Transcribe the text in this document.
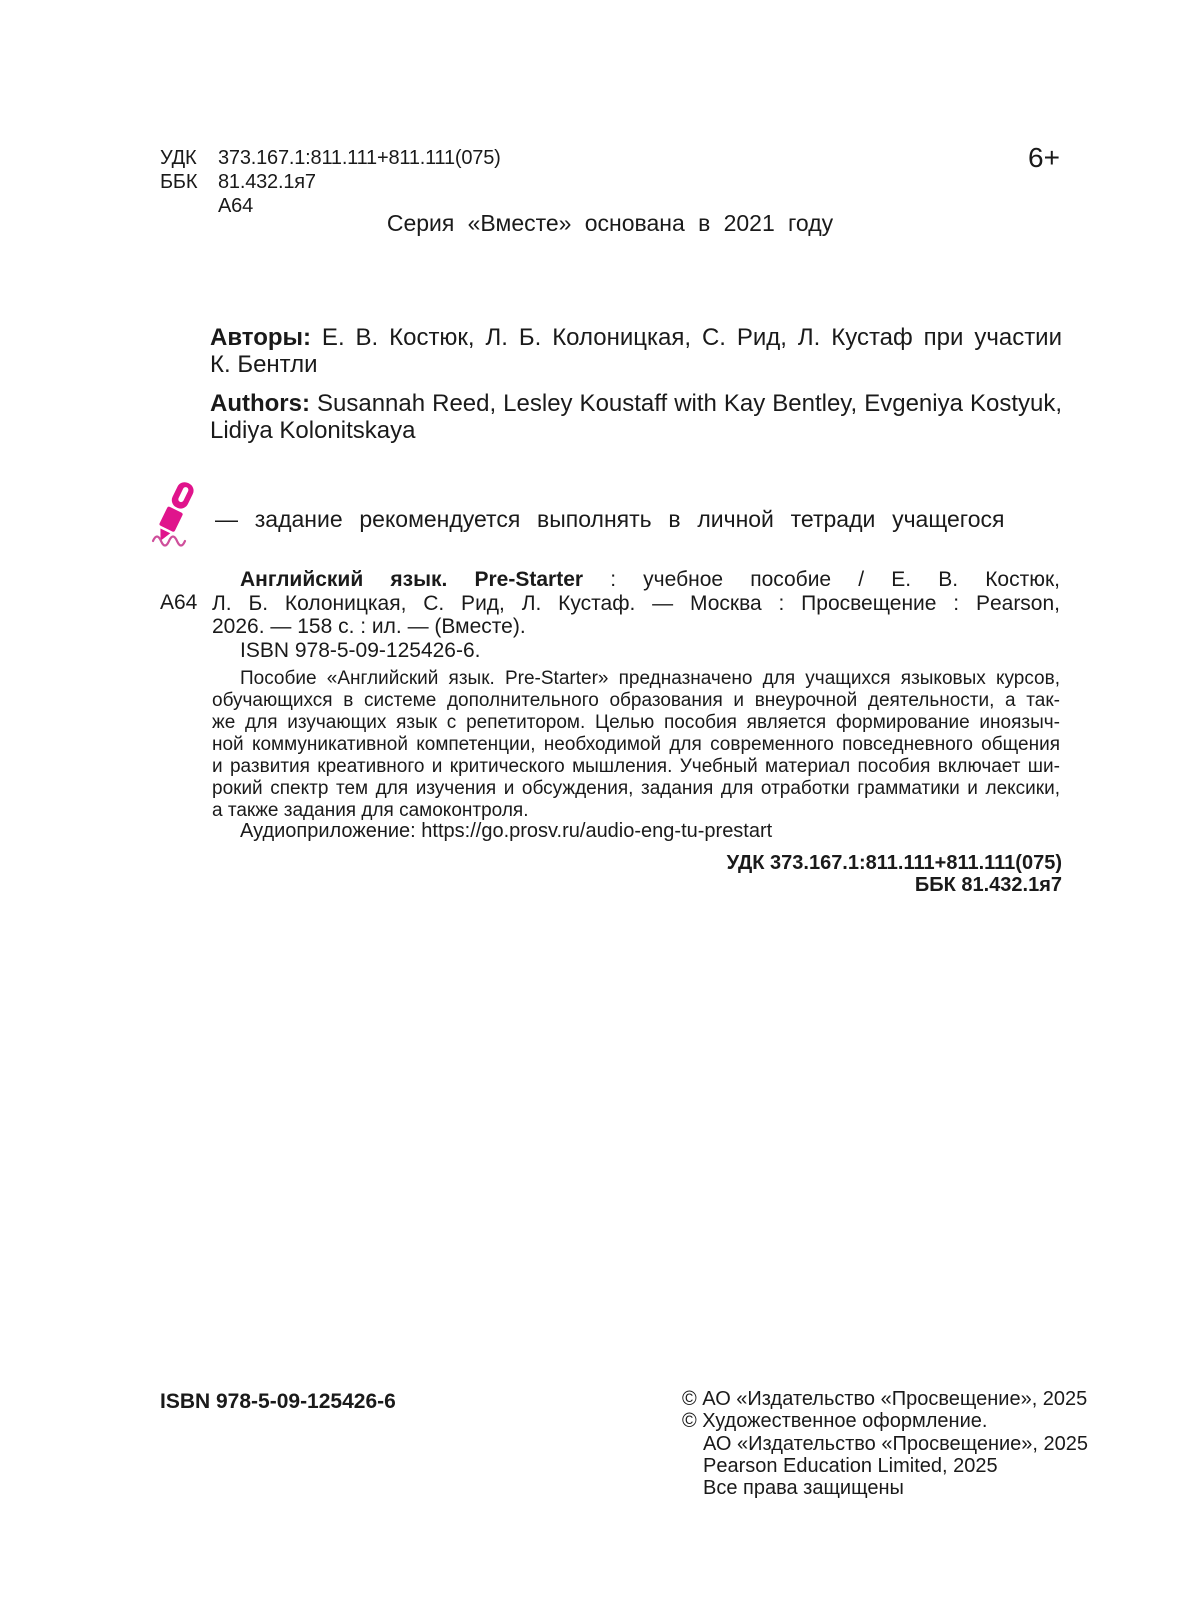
УДК 373.167.1:811.111+811.111(075)
ББК 81.432.1я7
А64
6+
Серия «Вместе» основана в 2021 году
Авторы: Е. В. Костюк, Л. Б. Колоницкая, С. Рид, Л. Кустаф при участии
К. Бентли
Authors: Susannah Reed, Lesley Koustaff with Kay Bentley, Evgeniya Kostyuk,
Lidiya Kolonitskaya
— задание рекомендуется выполнять в личной тетради учащегося
А64
Английский язык. Pre-Starter : учебное пособие / Е. В. Костюк,
Л. Б. Колоницкая, С. Рид, Л. Кустаф. — Москва : Просвещение : Pearson,
2026. — 158 с. : ил. — (Вместе).
ISBN 978-5-09-125426-6.
Пособие «Английский язык. Pre-Starter» предназначено для учащихся языковых курсов,
обучающихся в системе дополнительного образования и внеурочной деятельности, а так-
же для изучающих язык с репетитором. Целью пособия является формирование иноязыч-
ной коммуникативной компетенции, необходимой для современного повседневного общения
и развития креативного и критического мышления. Учебный материал пособия включает ши-
рокий спектр тем для изучения и обсуждения, задания для отработки грамматики и лексики,
а также задания для самоконтроля.
Аудиоприложение: https://go.prosv.ru/audio-eng-tu-prestart
УДК 373.167.1:811.111+811.111(075)
ББК 81.432.1я7
ISBN 978-5-09-125426-6	© АО «Издательство «Просвещение», 2025
© Художественное оформление.
АО «Издательство «Просвещение», 2025
Pearson Education Limited, 2025
Все права защищены
